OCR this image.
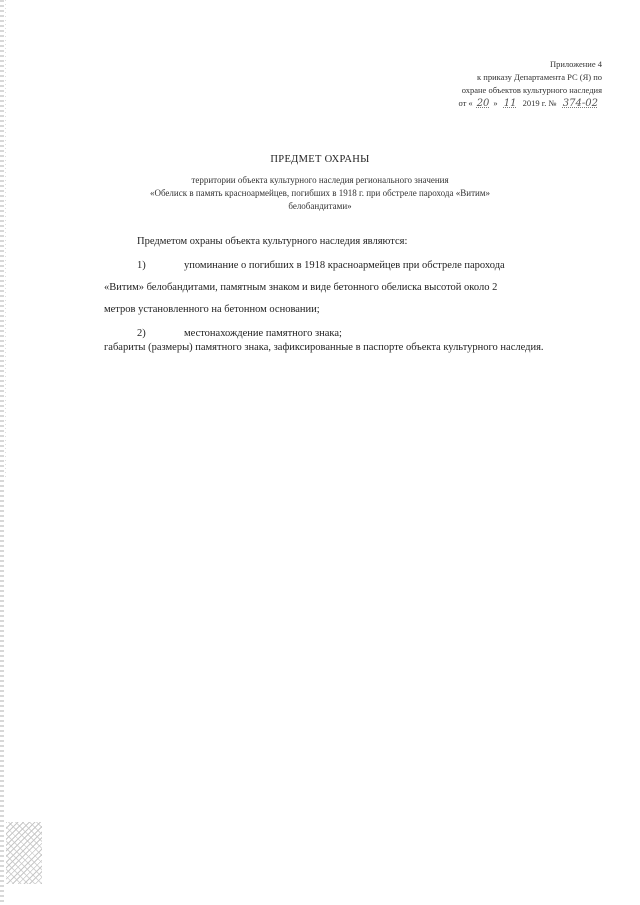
Приложение 4
к приказу Департамента РС (Я) по
охране объектов культурного наследия
от « 20 » 11 2019 г. № 374-02
ПРЕДМЕТ ОХРАНЫ
территории объекта культурного наследия регионального значения
«Обелиск в память красноармейцев, погибших в 1918 г. при обстреле парохода «Витим»
белобандитами»
Предметом охраны объекта культурного наследия являются:
1)	упоминание о погибших в 1918 красноармейцев при обстреле парохода
«Витим» белобандитами, памятным знаком и виде бетонного обелиска высотой около 2
метров установленного на бетонном основании;
2)	местонахождение памятного знака;
габариты (размеры) памятного знака, зафиксированные в паспорте объекта культурного наследия.
